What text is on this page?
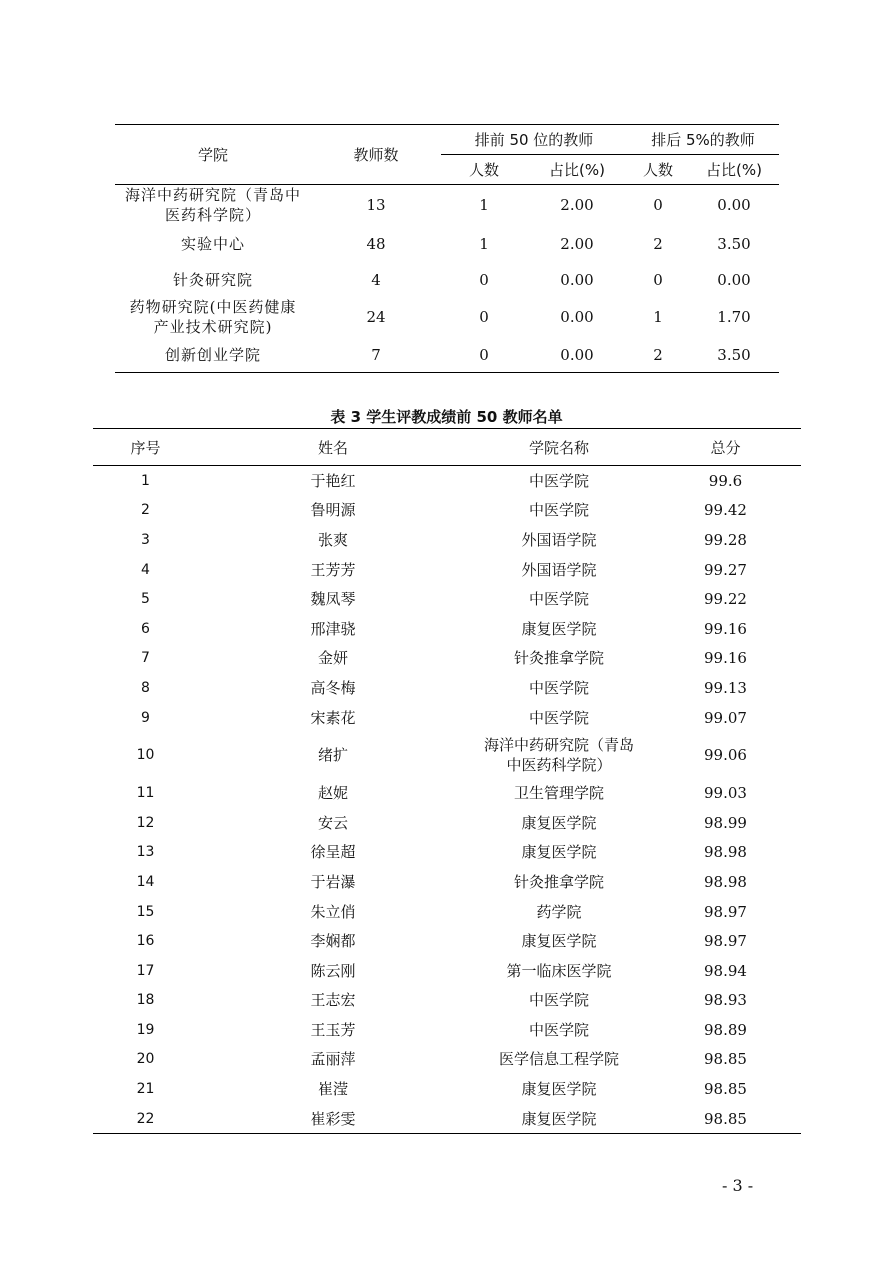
学院	教师数	排前 50 位的教师		排后 5%的教师	
		人数	占比(%)	人数	占比(%)
海洋中药研究院（青岛中医药科学院）	13	1	2.00	0	0.00
实验中心	48	1	2.00	2	3.50
针灸研究院	4	0	0.00	0	0.00
药物研究院(中医药健康产业技术研究院)	24	0	0.00	1	1.70
创新创业学院	7	0	0.00	2	3.50
表 3 学生评教成绩前 50 教师名单
序号	姓名	学院名称	总分
1	于艳红	中医学院	99.6
2	鲁明源	中医学院	99.42
3	张爽	外国语学院	99.28
4	王芳芳	外国语学院	99.27
5	魏凤琴	中医学院	99.22
6	邢津骁	康复医学院	99.16
7	金妍	针灸推拿学院	99.16
8	高冬梅	中医学院	99.13
9	宋素花	中医学院	99.07
10	绪扩	海洋中药研究院（青岛中医药科学院）	99.06
11	赵妮	卫生管理学院	99.03
12	安云	康复医学院	98.99
13	徐呈超	康复医学院	98.98
14	于岩瀑	针灸推拿学院	98.98
15	朱立俏	药学院	98.97
16	李娴都	康复医学院	98.97
17	陈云刚	第一临床医学院	98.94
18	王志宏	中医学院	98.93
19	王玉芳	中医学院	98.89
20	孟丽萍	医学信息工程学院	98.85
21	崔滢	康复医学院	98.85
22	崔彩雯	康复医学院	98.85
- 3 -
